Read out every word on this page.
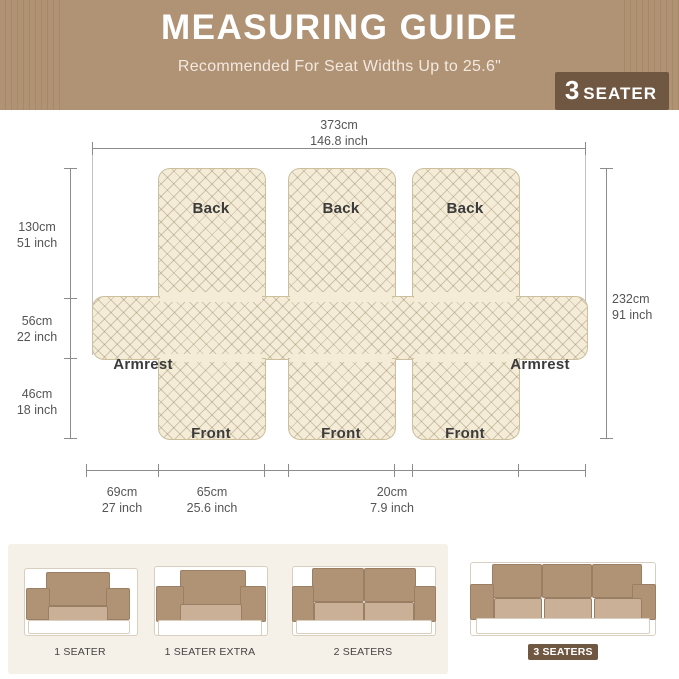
MEASURING GUIDE
Recommended For Seat Widths Up to 25.6"
3 SEATER
373cm
146.8 inch
Back	Back	Back
Armrest	Armrest
Front	Front	Front
130cm
51 inch
56cm
22 inch
46cm
18 inch
232cm
91 inch
69cm
27 inch
65cm
25.6 inch
20cm
7.9 inch
1 SEATER	1 SEATER EXTRA	2 SEATERS	3 SEATERS
